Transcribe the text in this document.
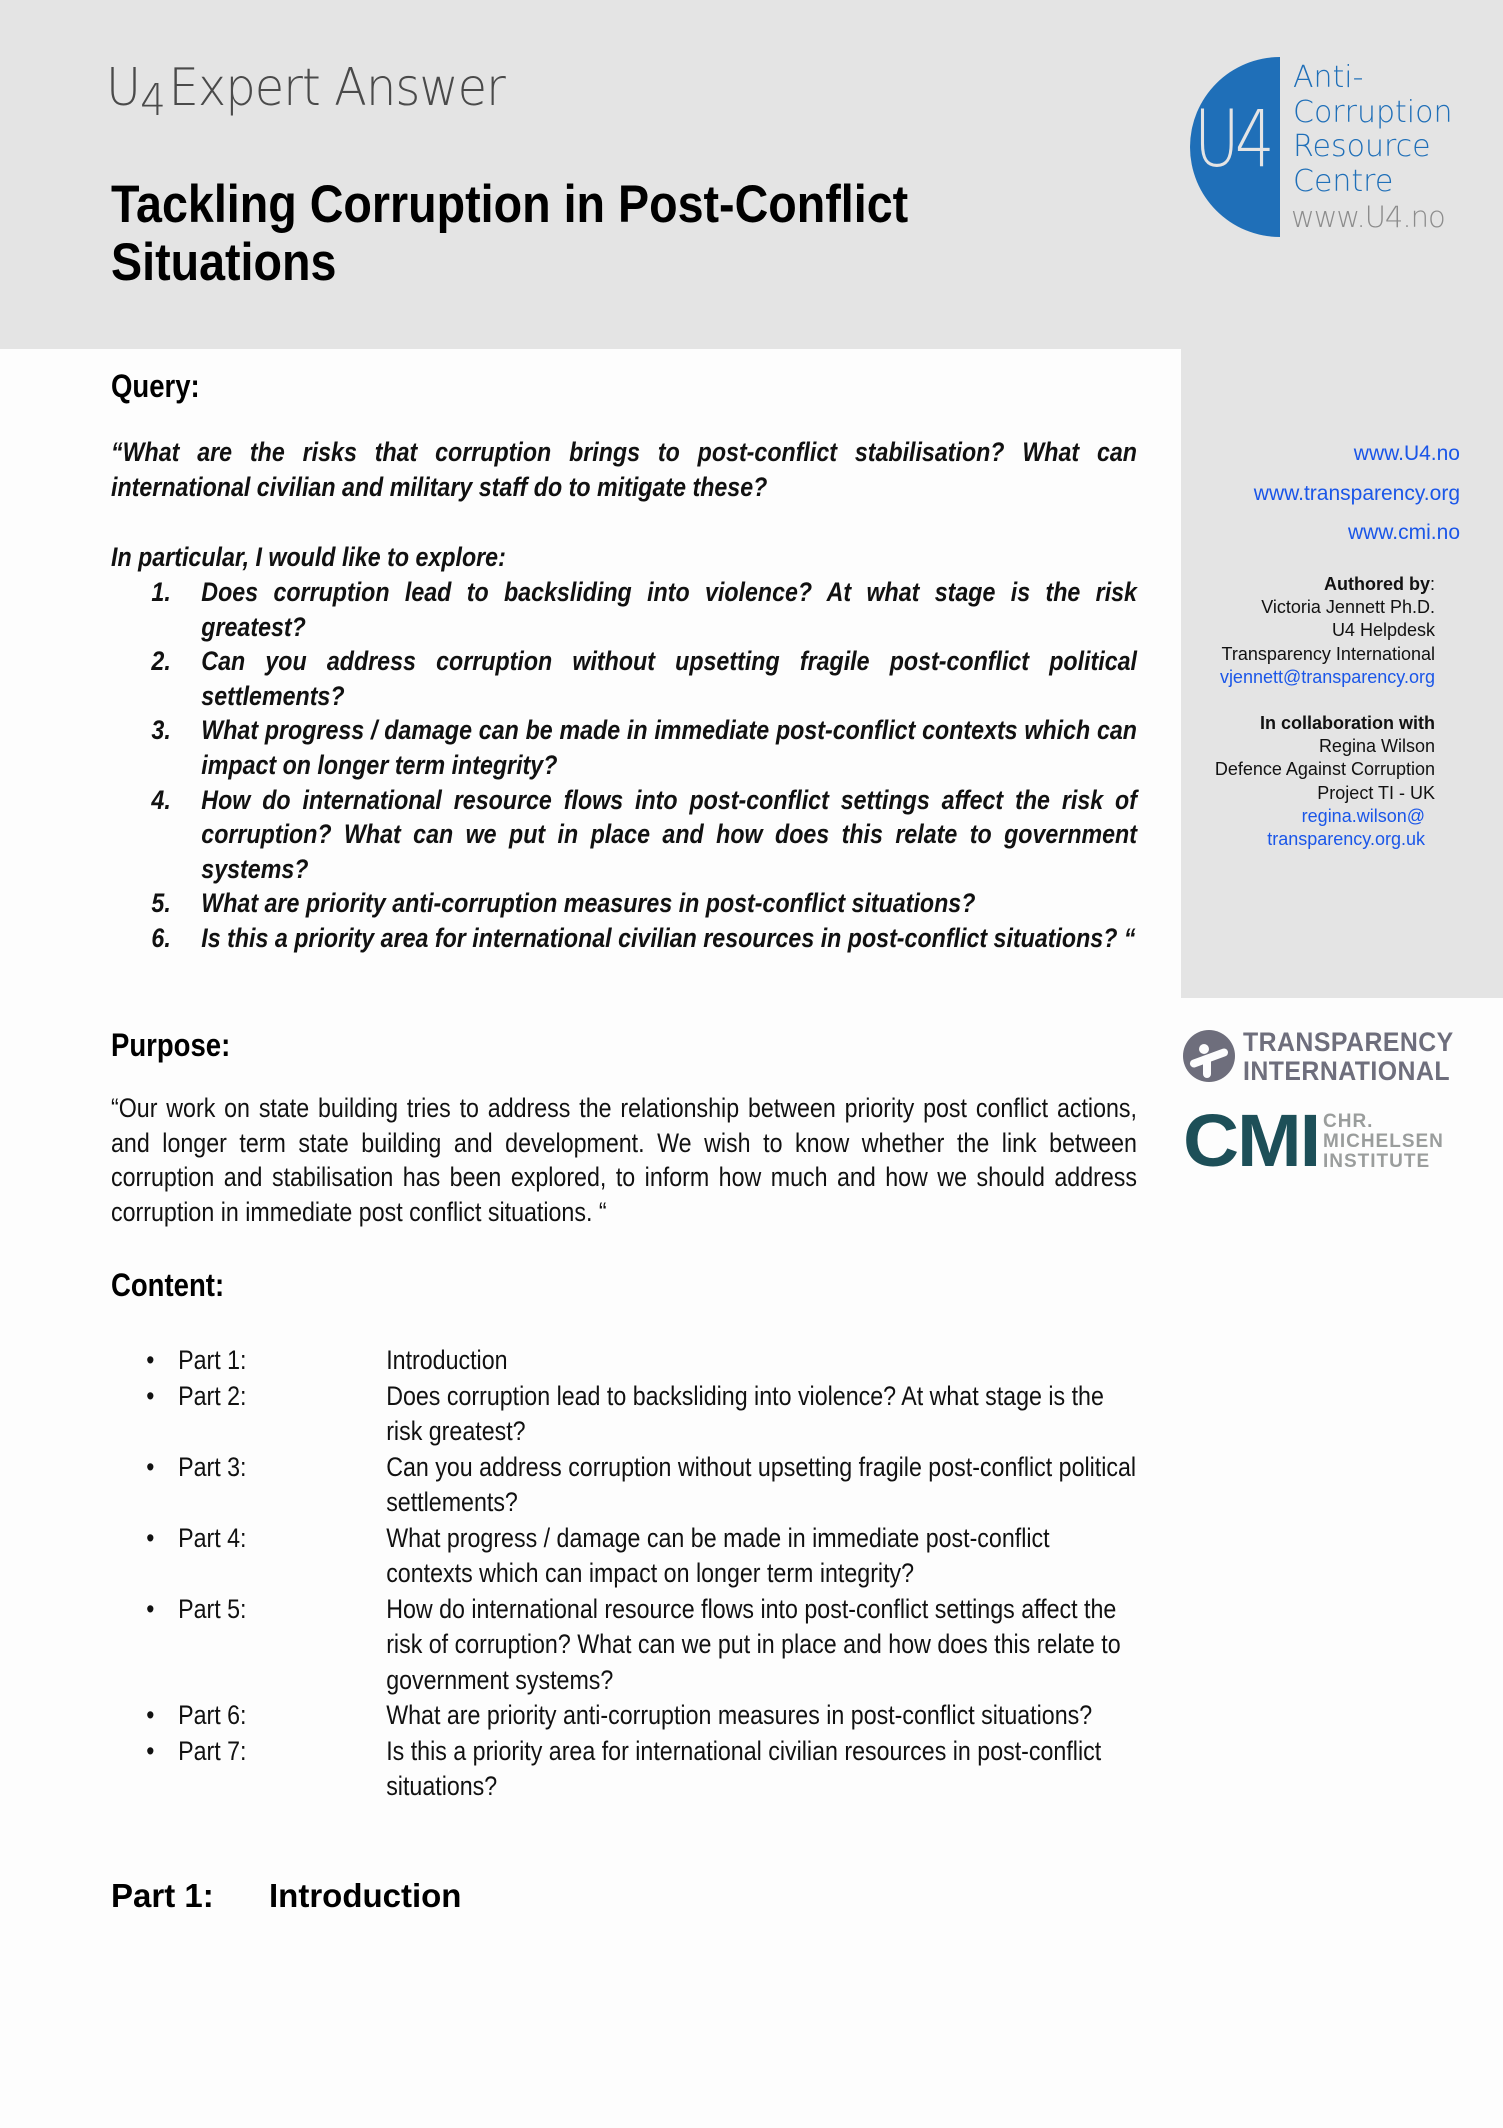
U4Expert Answer
Tackling Corruption in Post-Conflict
Situations
U4
Anti-
Corruption
Resource
Centre
www.U4.no
www.U4.no
www.transparency.org
www.cmi.no
Authored by:
Victoria Jennett Ph.D.
U4 Helpdesk
Transparency International
vjennett@transparency.org
In collaboration with
Regina Wilson
Defence Against Corruption
Project TI - UK
regina.wilson@
transparency.org.uk
TRANSPARENCY
INTERNATIONAL
CMI CHR.
MICHELSEN
INSTITUTE
Query:
“What are the risks that corruption brings to post-conflict stabilisation? What can international civilian and military staff do to mitigate these?
In particular, I would like to explore:
1. Does corruption lead to backsliding into violence? At what stage is the risk greatest?
2. Can you address corruption without upsetting fragile post-conflict political settlements?
3. What progress / damage can be made in immediate post-conflict contexts which can impact on longer term integrity?
4. How do international resource flows into post-conflict settings affect the risk of corruption? What can we put in place and how does this relate to government systems?
5. What are priority anti-corruption measures in post-conflict situations?
6. Is this a priority area for international civilian resources in post-conflict situations? “
Purpose:
“Our work on state building tries to address the relationship between priority post conflict actions, and longer term state building and development. We wish to know whether the link between corruption and stabilisation has been explored, to inform how much and how we should address corruption in immediate post conflict situations. “
Content:
• Part 1:	Introduction
• Part 2:	Does corruption lead to backsliding into violence? At what stage is the risk greatest?
• Part 3:	Can you address corruption without upsetting fragile post-conflict political settlements?
• Part 4:	What progress / damage can be made in immediate post-conflict contexts which can impact on longer term integrity?
• Part 5:	How do international resource flows into post-conflict settings affect the risk of corruption? What can we put in place and how does this relate to government systems?
• Part 6:	What are priority anti-corruption measures in post-conflict situations?
• Part 7:	Is this a priority area for international civilian resources in post-conflict situations?
Part 1: Introduction
